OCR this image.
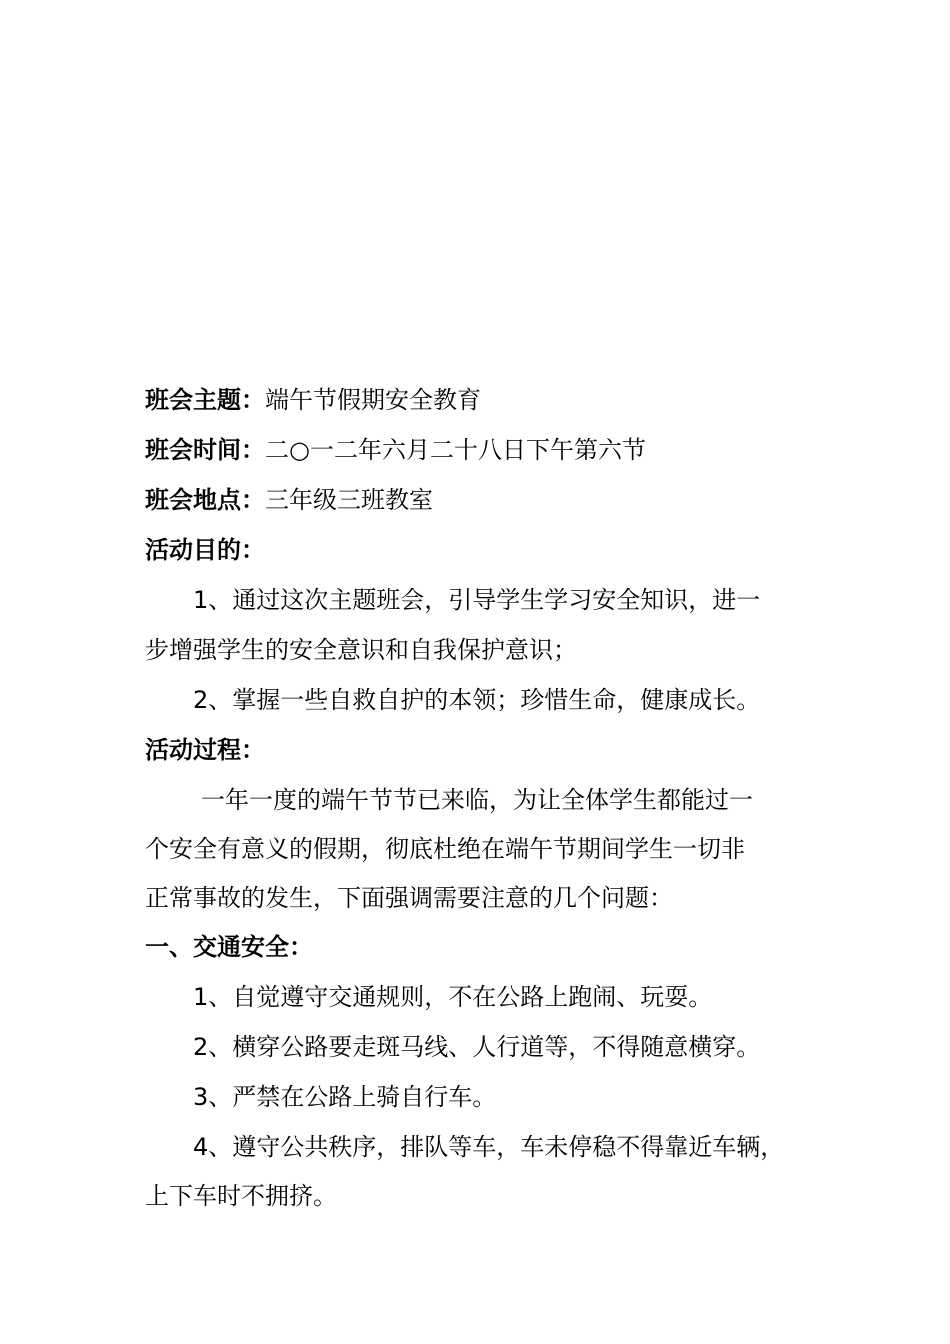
班会主题：端午节假期安全教育
班会时间：二○一二年六月二十八日下午第六节
班会地点：三年级三班教室
活动目的：
1、通过这次主题班会，引导学生学习安全知识，进一
步增强学生的安全意识和自我保护意识；
2、掌握一些自救自护的本领；珍惜生命，健康成长。
活动过程：
一年一度的端午节节已来临，为让全体学生都能过一
个安全有意义的假期，彻底杜绝在端午节期间学生一切非
正常事故的发生，下面强调需要注意的几个问题：
一、交通安全：
1、自觉遵守交通规则，不在公路上跑闹、玩耍。
2、横穿公路要走斑马线、人行道等，不得随意横穿。
3、严禁在公路上骑自行车。
4、遵守公共秩序，排队等车，车未停稳不得靠近车辆，
上下车时不拥挤。
